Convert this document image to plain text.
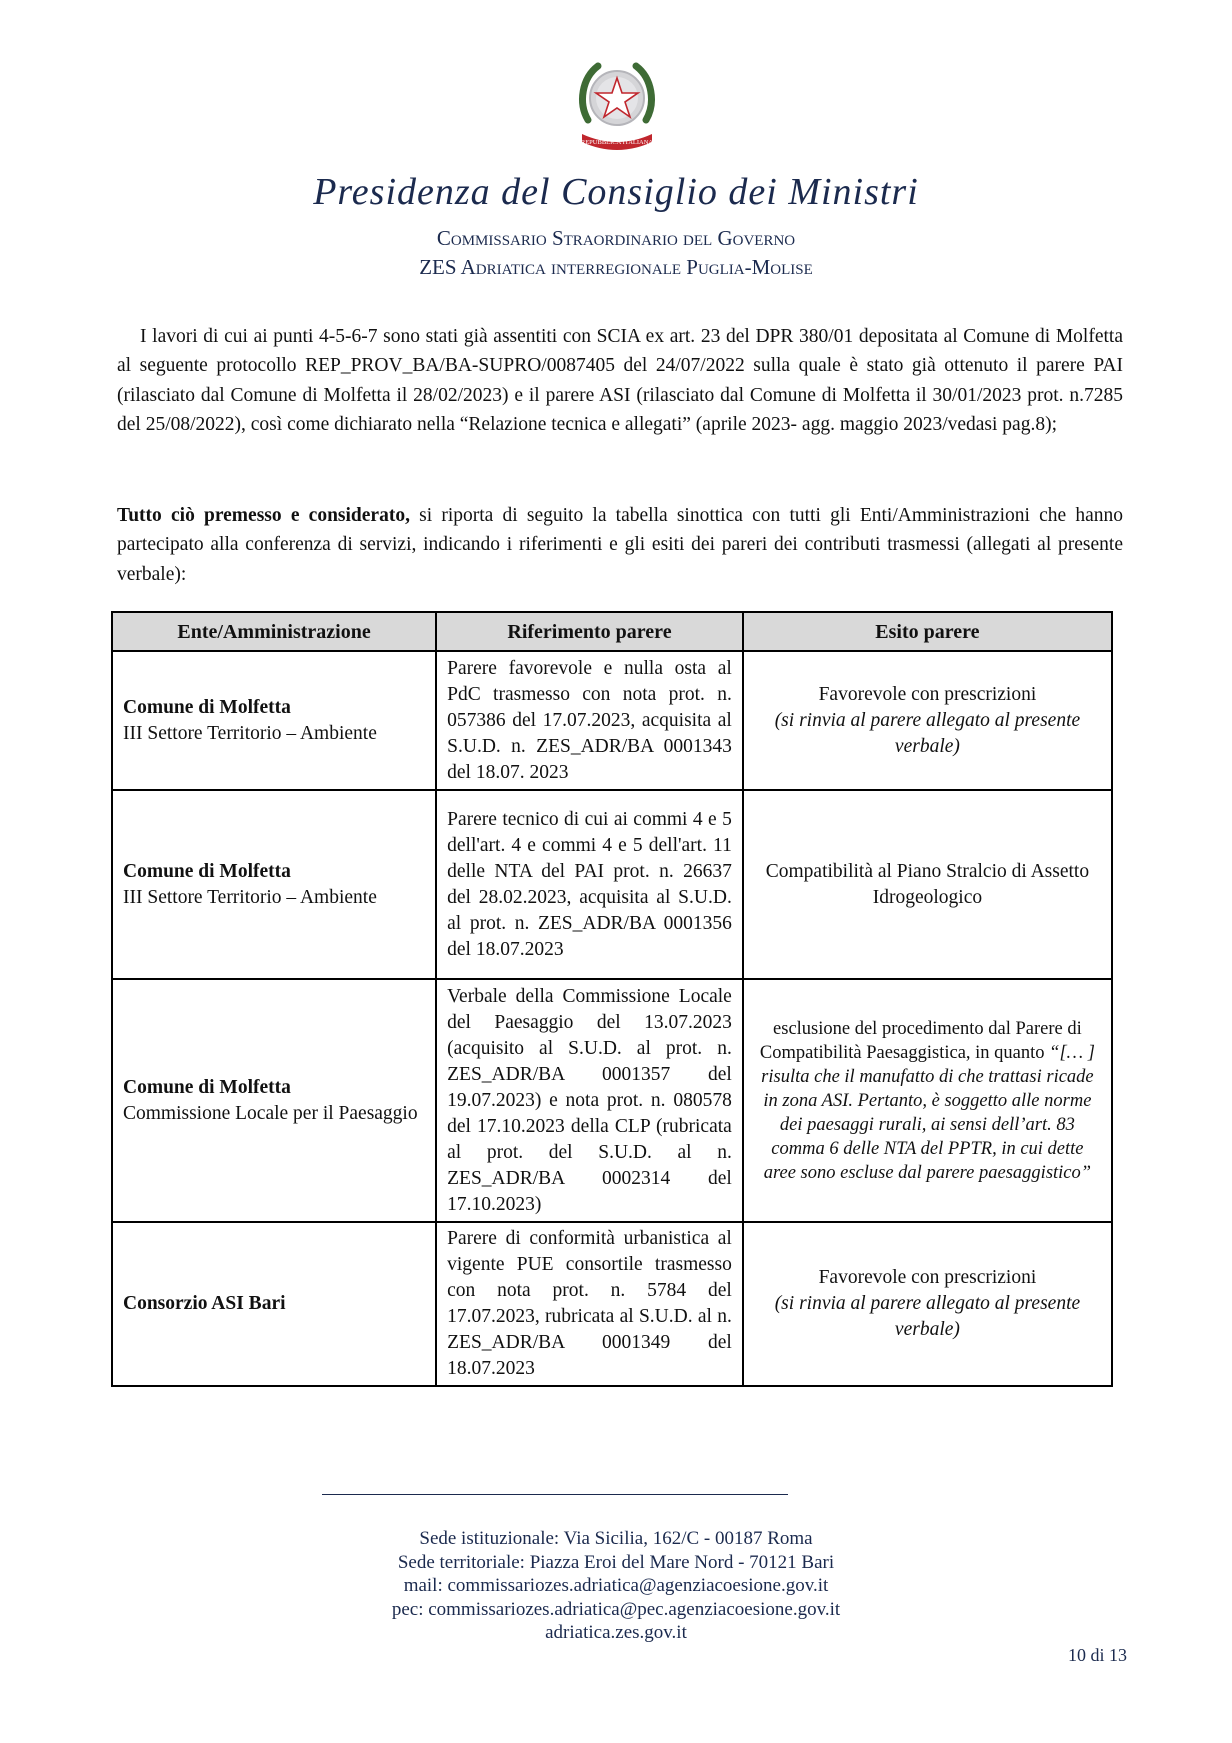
REPUBBLICA ITALIANA
Presidenza del Consiglio dei Ministri
Commissario Straordinario del Governo
ZES Adriatica interregionale Puglia-Molise
I lavori di cui ai punti 4-5-6-7 sono stati già assentiti con SCIA ex art. 23 del DPR 380/01 depositata al Comune di Molfetta al seguente protocollo REP_PROV_BA/BA-SUPRO/0087405 del 24/07/2022 sulla quale è stato già ottenuto il parere PAI (rilasciato dal Comune di Molfetta il 28/02/2023) e il parere ASI (rilasciato dal Comune di Molfetta il 30/01/2023 prot. n.7285 del 25/08/2022), così come dichiarato nella “Relazione tecnica e allegati” (aprile 2023- agg. maggio 2023/vedasi pag.8);
Tutto ciò premesso e considerato, si riporta di seguito la tabella sinottica con tutti gli Enti/Amministrazioni che hanno partecipato alla conferenza di servizi, indicando i riferimenti e gli esiti dei pareri dei contributi trasmessi (allegati al presente verbale):
Ente/Amministrazione	Riferimento parere	Esito parere

Comune di Molfetta
III Settore Territorio – Ambiente	Parere favorevole e nulla osta al PdC trasmesso con nota prot. n. 057386 del 17.07.2023, acquisita al S.U.D. n. ZES_ADR/BA 0001343 del 18.07. 2023	Favorevole con prescrizioni
(si rinvia al parere allegato al presente verbale)

Comune di Molfetta
III Settore Territorio – Ambiente	Parere tecnico di cui ai commi 4 e 5 dell'art. 4 e commi 4 e 5 dell'art. 11 delle NTA del PAI prot. n. 26637 del 28.02.2023, acquisita al S.U.D. al prot. n. ZES_ADR/BA 0001356 del 18.07.2023	Compatibilità al Piano Stralcio di Assetto Idrogeologico

Comune di Molfetta
Commissione Locale per il Paesaggio
	Verbale della Commissione Locale del Paesaggio del 13.07.2023 (acquisito al S.U.D. al prot. n. ZES_ADR/BA 0001357 del 19.07.2023) e nota prot. n. 080578 del 17.10.2023 della CLP (rubricata al prot. del S.U.D. al n. ZES_ADR/BA 0002314 del 17.10.2023)	esclusione del procedimento dal Parere di Compatibilità Paesaggistica, in quanto “[… ] risulta che il manufatto di che trattasi ricade in zona ASI. Pertanto, è soggetto alle norme dei paesaggi rurali, ai sensi dell’art. 83 comma 6 delle NTA del PPTR, in cui dette aree sono escluse dal parere paesaggistico”

Consorzio ASI Bari	Parere di conformità urbanistica al vigente PUE consortile trasmesso con nota prot. n. 5784 del 17.07.2023, rubricata al S.U.D. al n. ZES_ADR/BA 0001349 del 18.07.2023	Favorevole con prescrizioni
(si rinvia al parere allegato al presente verbale)
Sede istituzionale: Via Sicilia, 162/C - 00187 Roma
Sede territoriale: Piazza Eroi del Mare Nord - 70121 Bari
mail: commissariozes.adriatica@agenziacoesione.gov.it
pec: commissariozes.adriatica@pec.agenziacoesione.gov.it
adriatica.zes.gov.it
10 di 13
